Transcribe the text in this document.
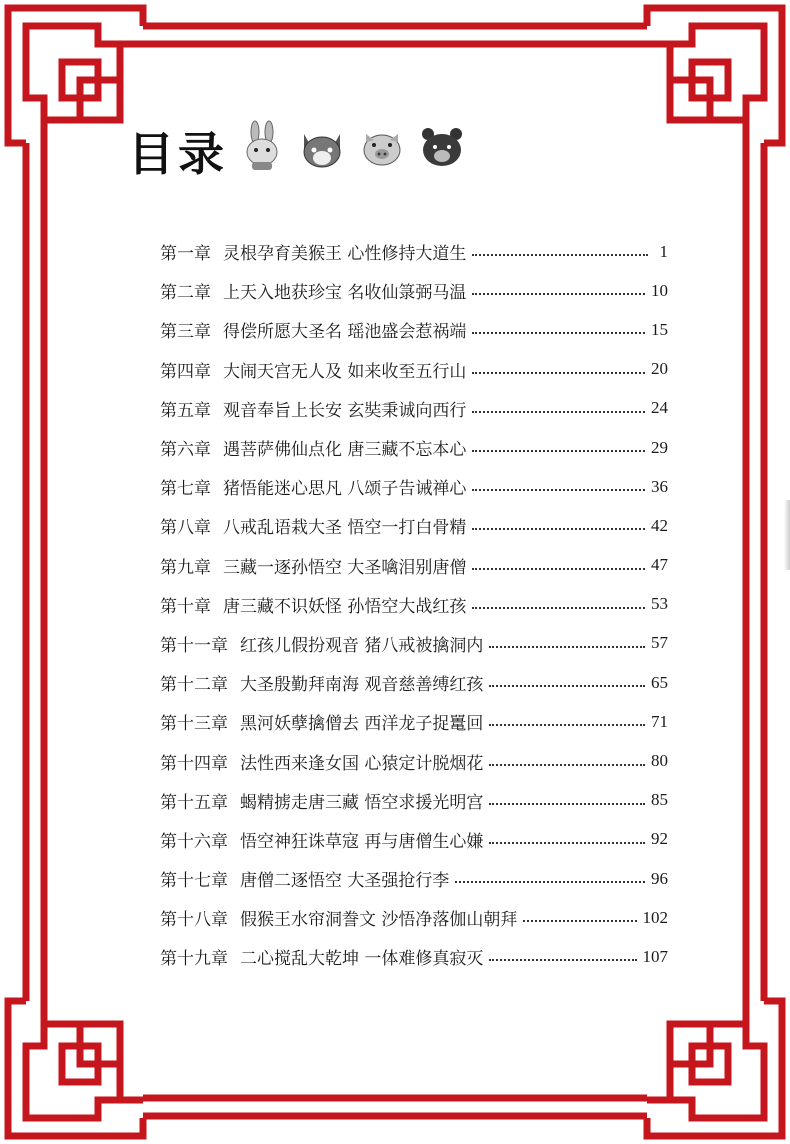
目录
第一章 灵根孕育美猴王 心性修持大道生	1
第二章 上天入地获珍宝 名收仙箓弼马温	10
第三章 得偿所愿大圣名 瑶池盛会惹祸端	15
第四章 大闹天宫无人及 如来收至五行山	20
第五章 观音奉旨上长安 玄奘秉诚向西行	24
第六章 遇菩萨佛仙点化 唐三藏不忘本心	29
第七章 猪悟能迷心思凡 八颂子告诫禅心	36
第八章 八戒乱语栽大圣 悟空一打白骨精	42
第九章 三藏一逐孙悟空 大圣噙泪别唐僧	47
第十章 唐三藏不识妖怪 孙悟空大战红孩	53
第十一章 红孩儿假扮观音 猪八戒被擒洞内	57
第十二章 大圣殷勤拜南海 观音慈善缚红孩	65
第十三章 黑河妖孽擒僧去 西洋龙子捉鼍回	71
第十四章 法性西来逢女国 心猿定计脱烟花	80
第十五章 蝎精掳走唐三藏 悟空求援光明宫	85
第十六章 悟空神狂诛草寇 再与唐僧生心嫌	92
第十七章 唐僧二逐悟空 大圣强抢行李	96
第十八章 假猴王水帘洞誊文 沙悟净落伽山朝拜	102
第十九章 二心搅乱大乾坤 一体难修真寂灭	107
